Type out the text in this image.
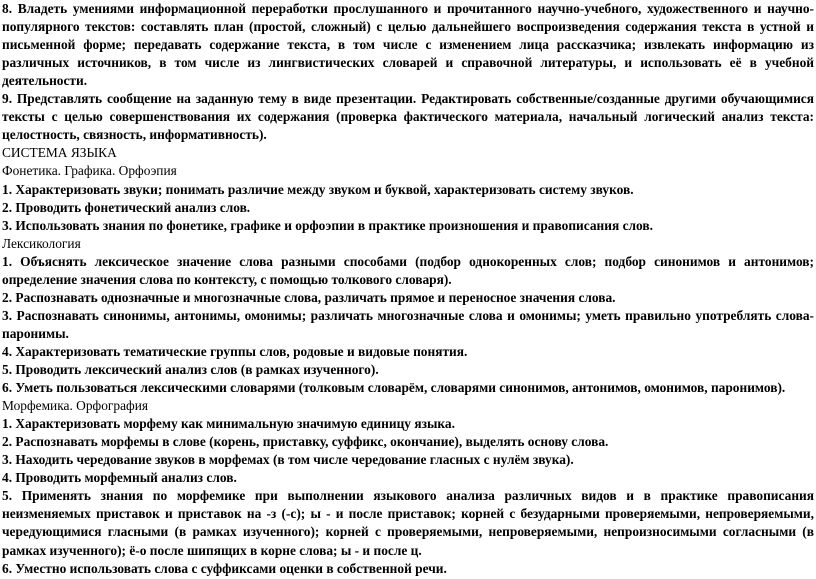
8. Владеть умениями информационной переработки прослушанного и прочитанного научно-учебного, художественного и научно-
популярного текстов: составлять план (простой, сложный) с целью дальнейшего воспроизведения содержания текста в устной и
письменной форме; передавать содержание текста, в том числе с изменением лица рассказчика; извлекать информацию из
различных источников, в том числе из лингвистических словарей и справочной литературы, и использовать её в учебной
деятельности.
9. Представлять сообщение на заданную тему в виде презентации. Редактировать собственные/созданные другими обучающимися
тексты с целью совершенствования их содержания (проверка фактического материала, начальный логический анализ текста:
целостность, связность, информативность).
СИСТЕМА ЯЗЫКА
Фонетика. Графика. Орфоэпия
1. Характеризовать звуки; понимать различие между звуком и буквой, характеризовать систему звуков.
2. Проводить фонетический анализ слов.
3. Использовать знания по фонетике, графике и орфоэпии в практике произношения и правописания слов.
Лексикология
1. Объяснять лексическое значение слова разными способами (подбор однокоренных слов; подбор синонимов и антонимов;
определение значения слова по контексту, с помощью толкового словаря).
2. Распознавать однозначные и многозначные слова, различать прямое и переносное значения слова.
3. Распознавать синонимы, антонимы, омонимы; различать многозначные слова и омонимы; уметь правильно употреблять слова-
паронимы.
4. Характеризовать тематические группы слов, родовые и видовые понятия.
5. Проводить лексический анализ слов (в рамках изученного).
6. Уметь пользоваться лексическими словарями (толковым словарём, словарями синонимов, антонимов, омонимов, паронимов).
Морфемика. Орфография
1. Характеризовать морфему как минимальную значимую единицу языка.
2. Распознавать морфемы в слове (корень, приставку, суффикс, окончание), выделять основу слова.
3. Находить чередование звуков в морфемах (в том числе чередование гласных с нулём звука).
4. Проводить морфемный анализ слов.
5. Применять знания по морфемике при выполнении языкового анализа различных видов и в практике правописания
неизменяемых приставок и приставок на -з (-с); ы - и после приставок; корней с безударными проверяемыми, непроверяемыми,
чередующимися гласными (в рамках изученного); корней с проверяемыми, непроверяемыми, непроизносимыми согласными (в
рамках изученного); ё-о после шипящих в корне слова; ы - и после ц.
6. Уместно использовать слова с суффиксами оценки в собственной речи.
